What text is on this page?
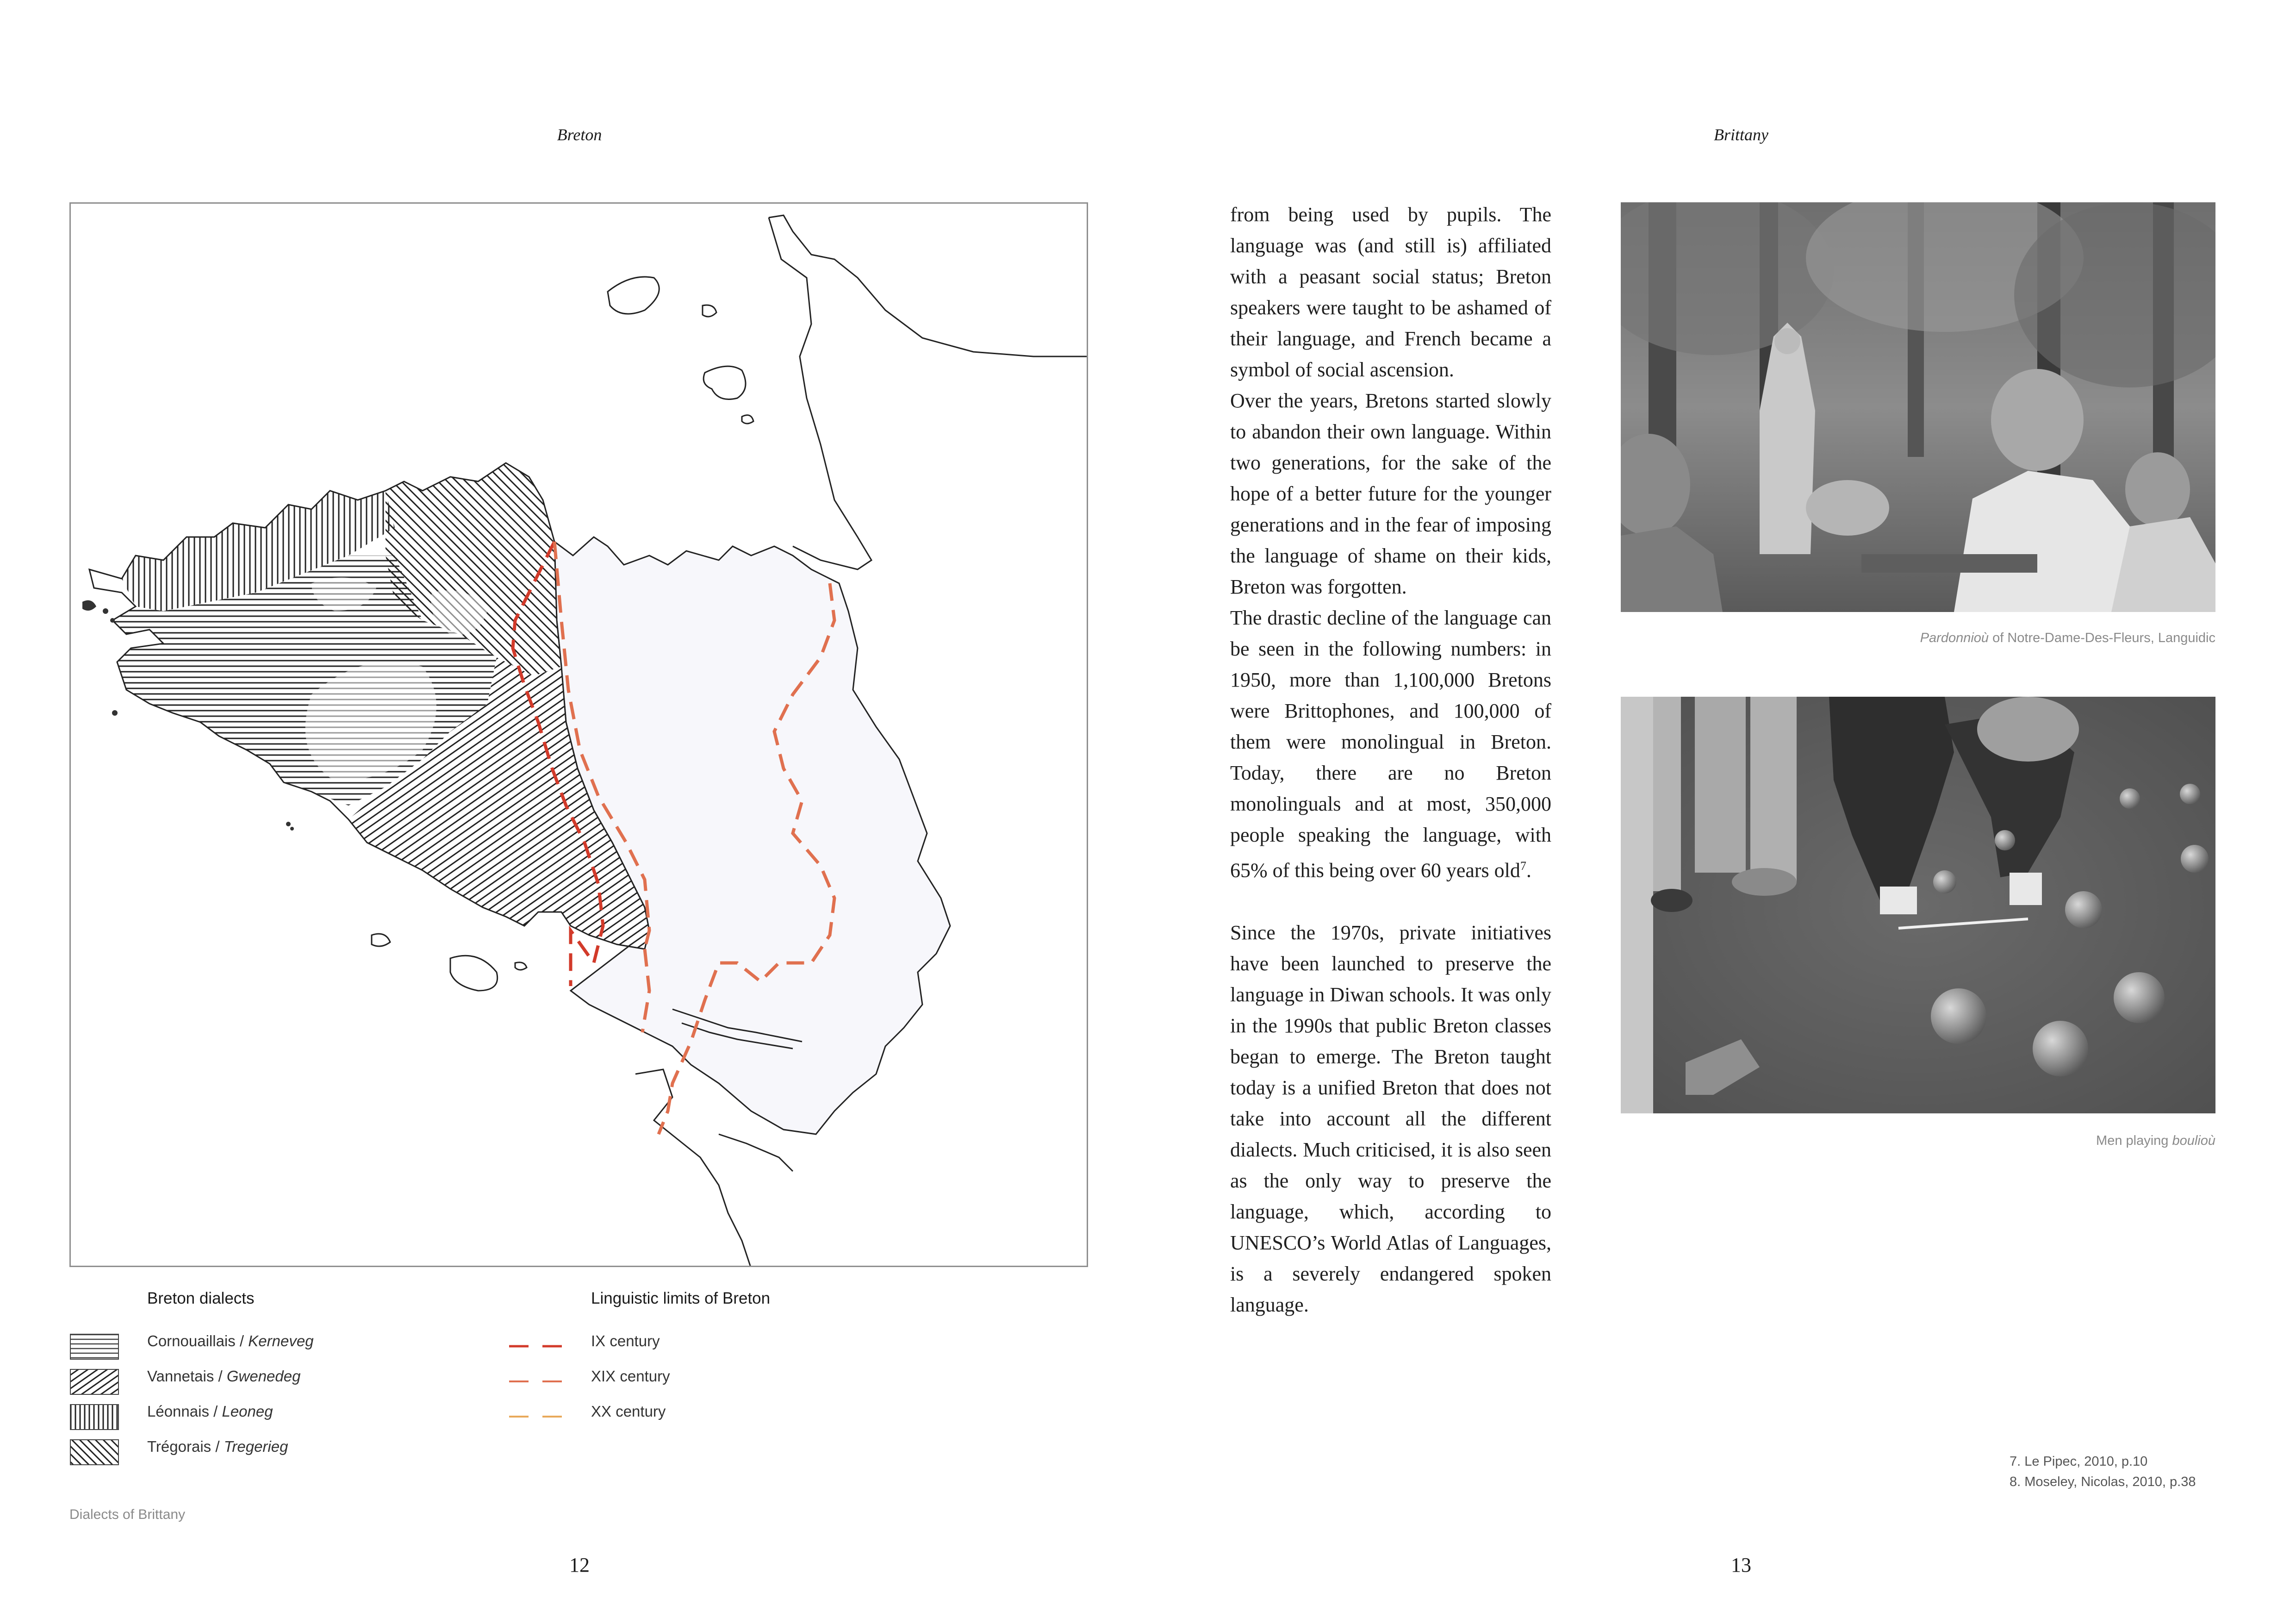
Breton	Brittany
Breton dialects	Linguistic limits of Breton
Cornouaillais / Kerneveg
Vannetais / Gwenedeg
Léonnais / Leoneg
Trégorais / Tregerieg
IX century
XIX century
XX century
Dialects of Brittany
12	13

from being used by pupils. The language was (and still is) affiliated with a peasant social status; Breton speakers were taught to be ashamed of their language, and French became a symbol of social ascension.

Over the years, Bretons started slowly to abandon their own language. Within two generations, for the sake of the hope of a better future for the younger generations and in the fear of imposing the language of shame on their kids, Breton was forgotten.

The drastic decline of the language can be seen in the following numbers: in 1950, more than 1,100,000 Bretons were Brittophones, and 100,000 of them were monolingual in Breton. Today, there are no Breton monolinguals and at most, 350,000 people speaking the language, with 65% of this being over 60 years old$^7$.

Since the 1970s, private initiatives have been launched to preserve the language in Diwan schools. It was only in the 1990s that public Breton classes began to emerge. The Breton taught today is a unified Breton that does not take into account all the different dialects. Much criticised, it is also seen as the only way to preserve the language, which, according to UNESCO’s World Atlas of Languages, is a severely endangered spoken language.

Pardonnioù of Notre-Dame-Des-Fleurs, Languidic
Men playing boulioù
7. Le Pipec, 2010, p.10
8. Moseley, Nicolas, 2010, p.38
